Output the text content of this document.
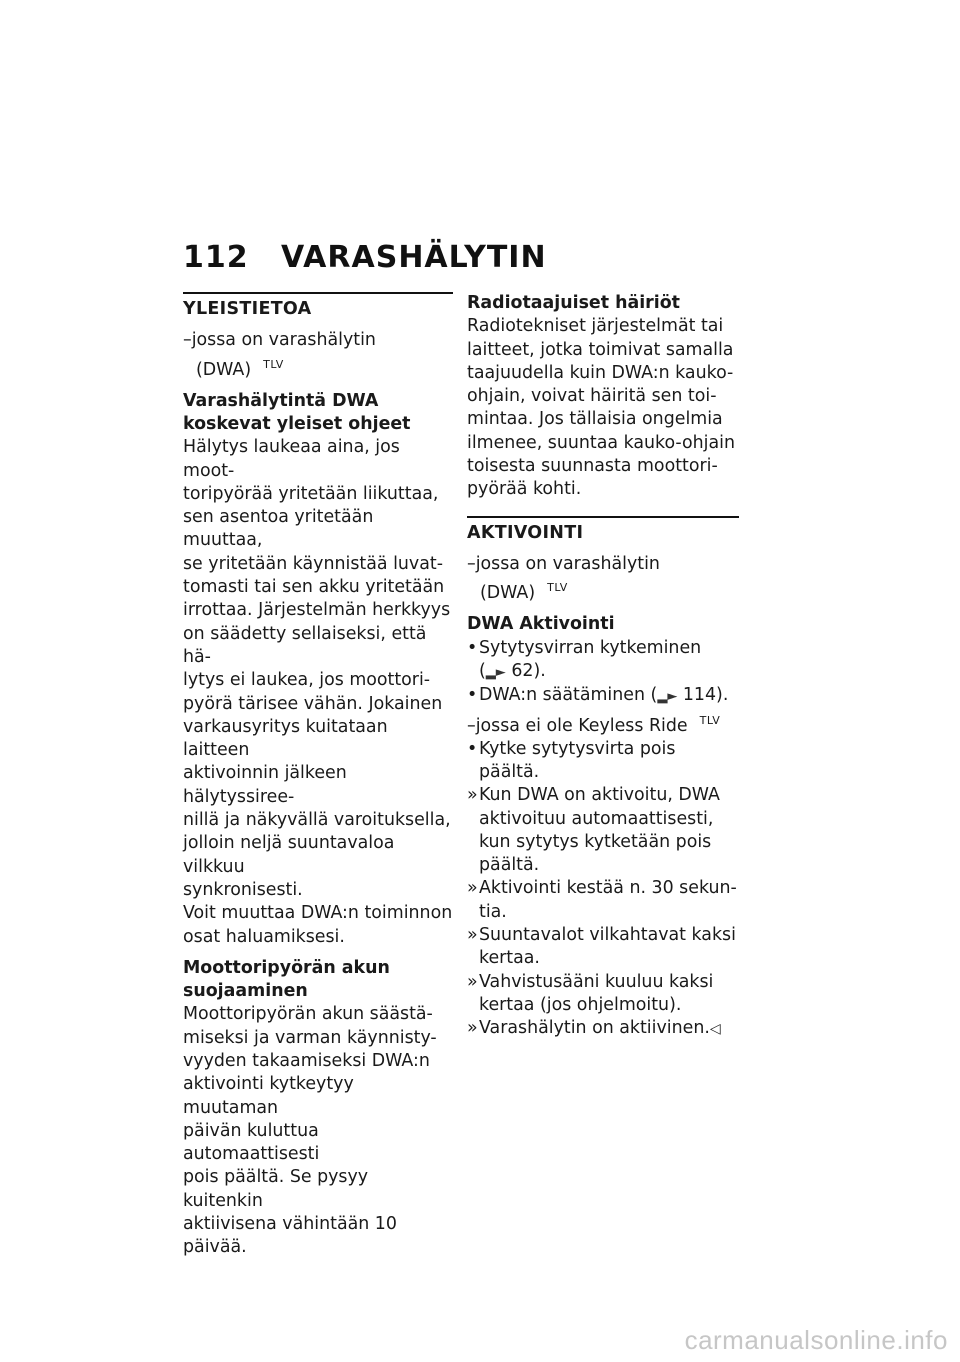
112 VARASHÄLYTIN
YLEISTIETOA
–jossa on varashälytin (DWA) $^{TLV}$
Varashälytintä DWA koskevat yleiset ohjeet
Hälytys laukeaa aina, jos moot-
toripyörää yritetään liikuttaa,
sen asentoa yritetään muuttaa,
se yritetään käynnistää luvat-
tomasti tai sen akku yritetään
irrottaa. Järjestelmän herkkyys
on säädetty sellaiseksi, että hä-
lytys ei laukea, jos moottori-
pyörä tärisee vähän. Jokainen
varkausyritys kuitataan laitteen
aktivoinnin jälkeen hälytyssiree-
nillä ja näkyvällä varoituksella,
jolloin neljä suuntavaloa vilkkuu
synkronisesti.
Voit muuttaa DWA:n toiminnon
osat haluamiksesi.
Moottoripyörän akun suojaaminen
Moottoripyörän akun säästä-
miseksi ja varman käynnisty-
vyyden takaamiseksi DWA:n
aktivointi kytkeytyy muutaman
päivän kuluttua automaattisesti
pois päältä. Se pysyy kuitenkin
aktiivisena vähintään 10 päivää.
Radiotaajuiset häiriöt
Radiotekniset järjestelmät tai
laitteet, jotka toimivat samalla
taajuudella kuin DWA:n kauko-
ohjain, voivat häiritä sen toi-
mintaa. Jos tällaisia ongelmia
ilmenee, suuntaa kauko-ohjain
toisesta suunnasta moottori-
pyörää kohti.
AKTIVOINTI
–jossa on varashälytin (DWA) $^{TLV}$
DWA Aktivointi
• Sytytysvirran kytkeminen
(▂► 62).
• DWA:n säätäminen (▂► 114).
–jossa ei ole Keyless Ride $^{TLV}$
• Kytke sytytysvirta pois päältä.
» Kun DWA on aktivoitu, DWA aktivoituu automaattisesti, kun sytytys kytketään pois päältä.
» Aktivointi kestää n. 30 sekun-tia.
» Suuntavalot vilkahtavat kaksi kertaa.
» Vahvistusääni kuuluu kaksi kertaa (jos ohjelmoitu).
» Varashälytin on aktiivinen.◁
carmanualsonline.info
